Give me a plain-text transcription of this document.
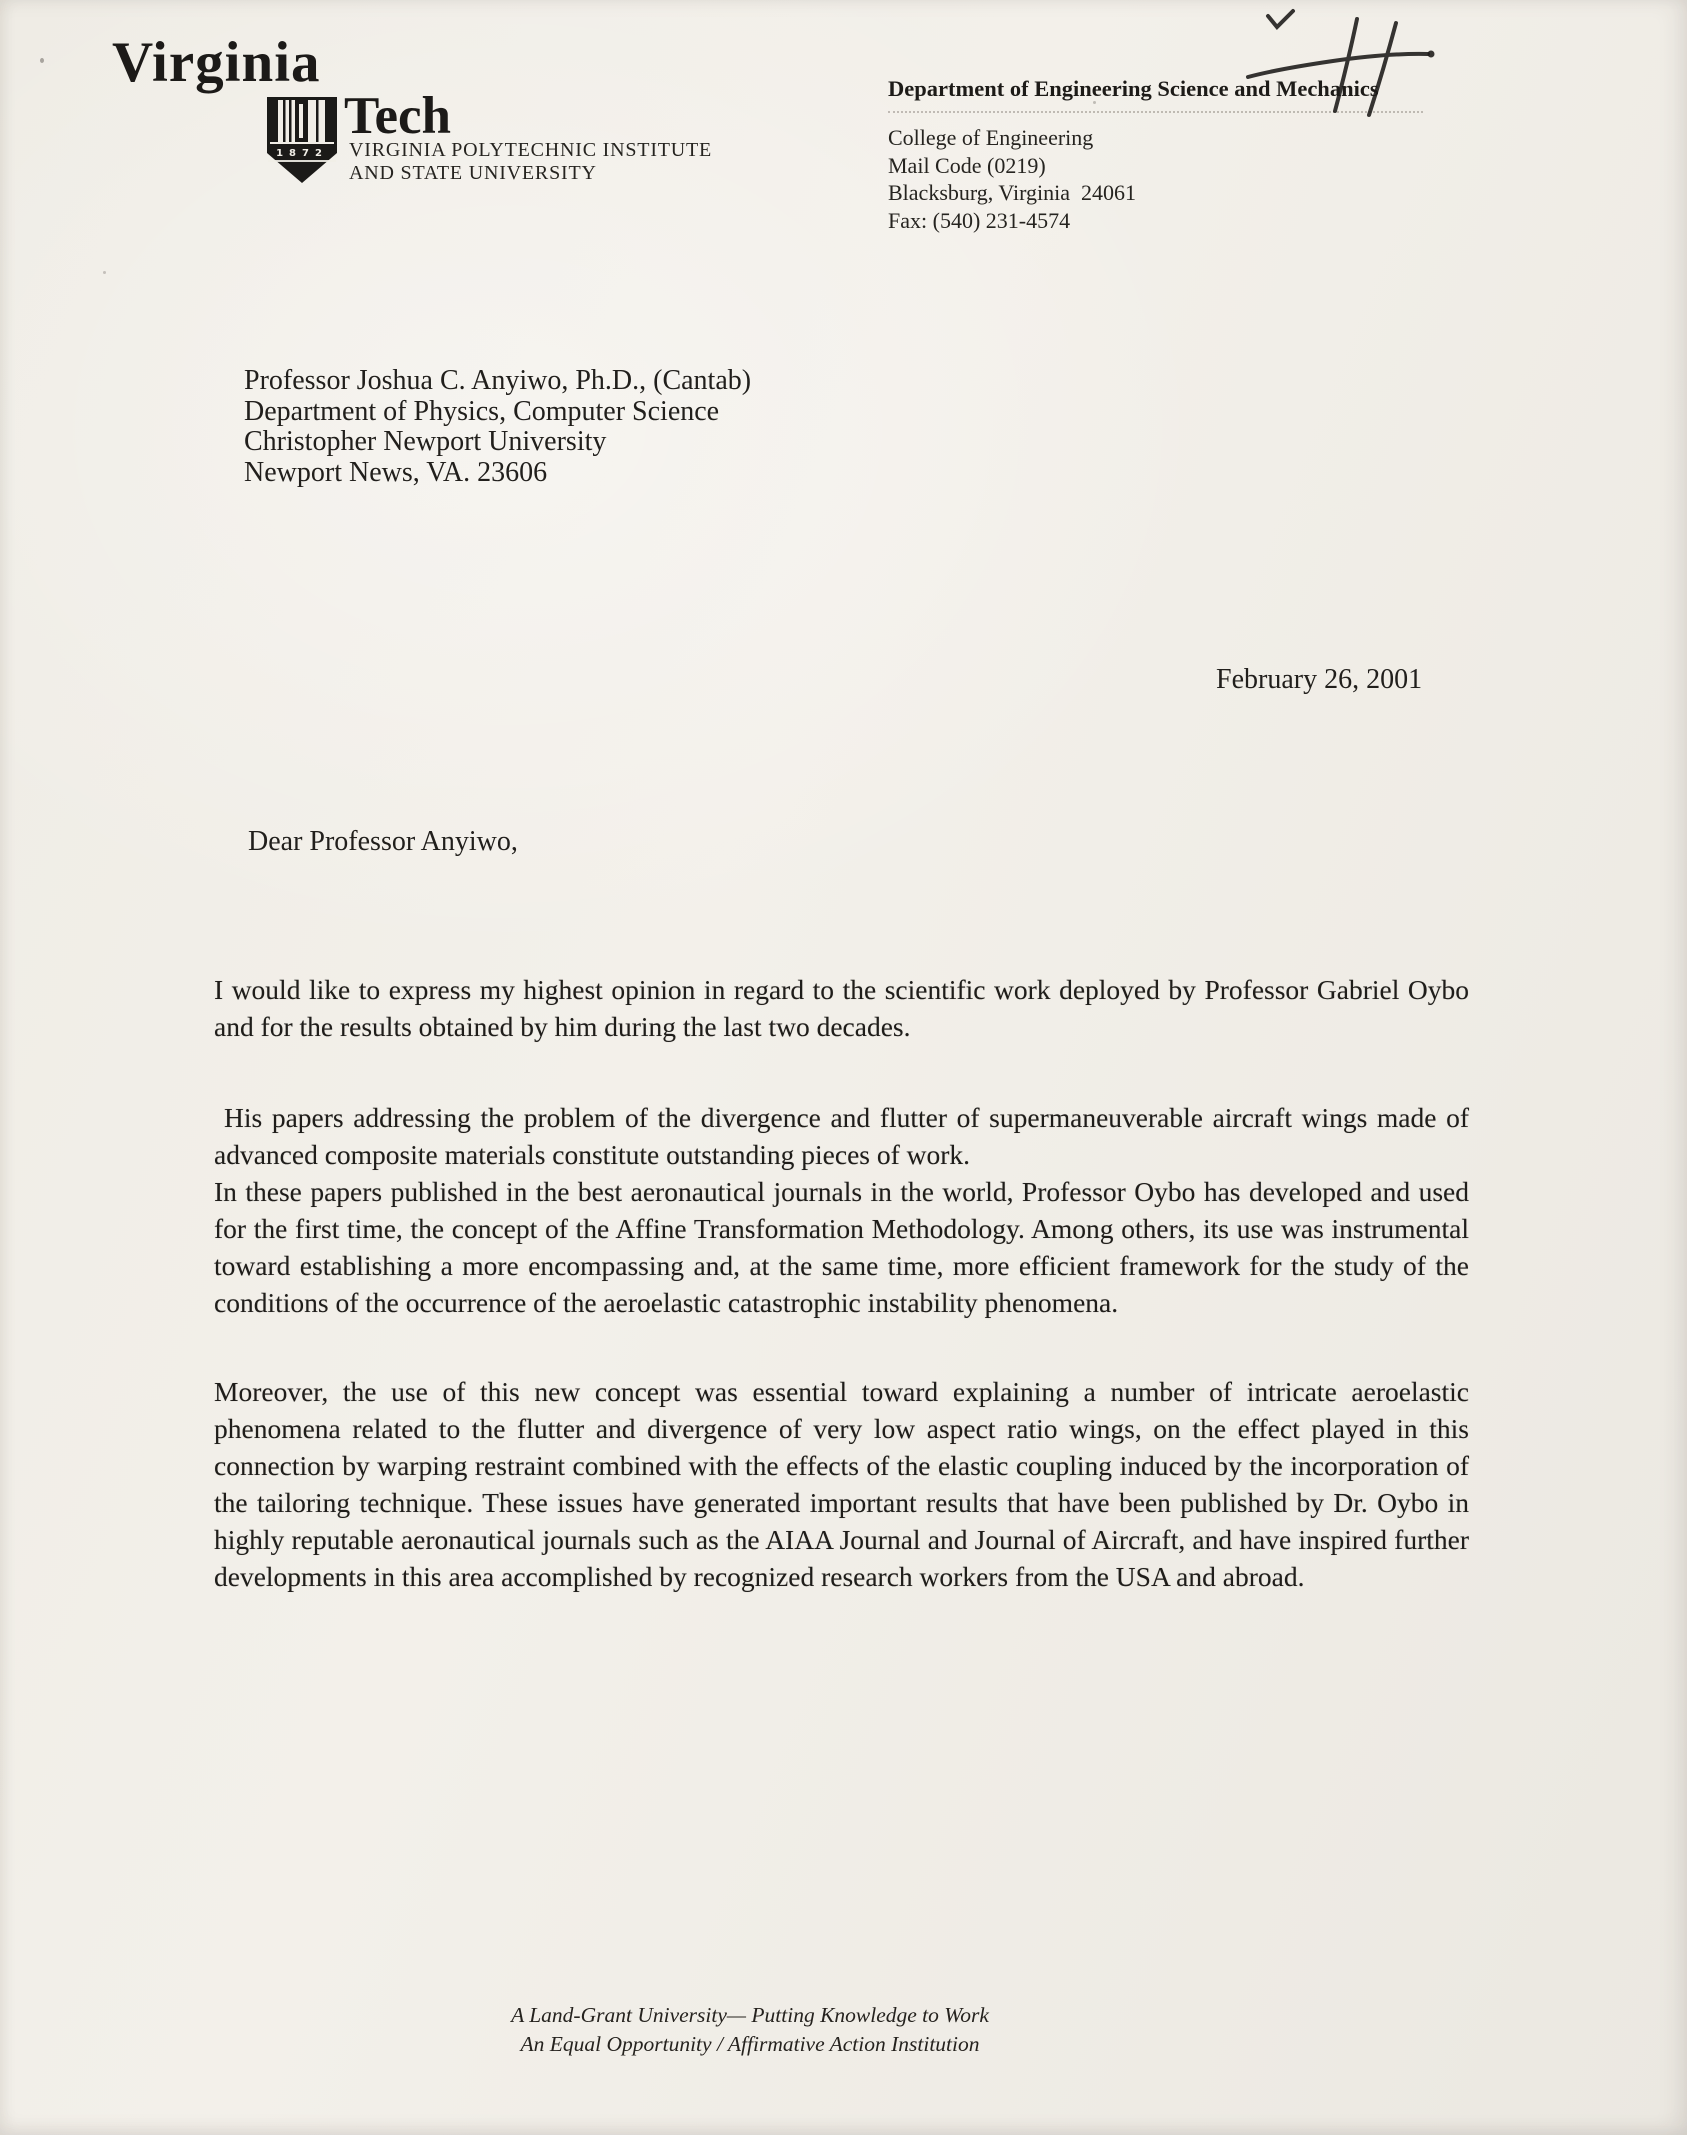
Virginia
1872
Tech
VIRGINIA POLYTECHNIC INSTITUTE
AND STATE UNIVERSITY
Department of Engineering Science and Mechanics
College of Engineering
Mail Code (0219)
Blacksburg, Virginia  24061
Fax: (540) 231-4574
Professor Joshua C. Anyiwo, Ph.D., (Cantab)
Department of Physics, Computer Science
Christopher Newport University
Newport News, VA. 23606
February 26, 2001
Dear Professor Anyiwo,

I would like to express my highest opinion in regard to the scientific work deployed by Professor Gabriel Oybo and for the results obtained by him during the last two decades.

His papers addressing the problem of the divergence and flutter of supermaneuverable aircraft wings made of advanced composite materials constitute outstanding pieces of work.

In these papers published in the best aeronautical journals in the world, Professor Oybo has developed and used for the first time, the concept of the Affine Transformation Methodology. Among others, its use was instrumental toward establishing a more encompassing and, at the same time, more efficient framework for the study of the conditions of the occurrence of the aeroelastic catastrophic instability phenomena.

Moreover, the use of this new concept was essential toward explaining a number of intricate aeroelastic phenomena related to the flutter and divergence of very low aspect ratio wings, on the effect played in this connection by warping restraint combined with the effects of the elastic coupling induced by the incorporation of the tailoring technique. These issues have generated important results that have been published by Dr. Oybo in highly reputable aeronautical journals such as the AIAA Journal and Journal of Aircraft, and have inspired further developments in this area accomplished by recognized research workers from the USA and abroad.

A Land-Grant University— Putting Knowledge to Work
An Equal Opportunity / Affirmative Action Institution
